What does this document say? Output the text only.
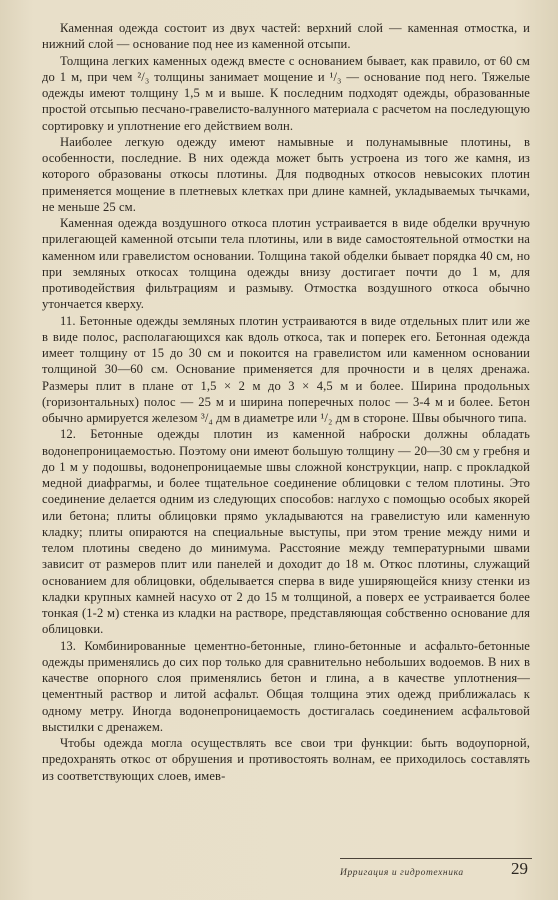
Каменная одежда состоит из двух частей: верхний слой — каменная отмостка, и нижний слой — основание под нее из каменной отсыпи.

Толщина легких каменных одежд вместе с основанием бывает, как правило, от 60 см до 1 м, при чем ²/₃ толщины занимает мощение и ¹/₃ — основание под него. Тяжелые одежды имеют толщину 1,5 м и выше. К последним подходят одежды, образованные простой отсыпью песчано-гравелисто-валунного материала с расчетом на последующую сортировку и уплотнение его действием волн.

Наиболее легкую одежду имеют намывные и полунамывные плотины, в особенности, последние. В них одежда может быть устроена из того же камня, из которого образованы откосы плотины. Для подводных откосов невысоких плотин применяется мощение в плетневых клетках при длине камней, укладываемых тычками, не меньше 25 см.

Каменная одежда воздушного откоса плотин устраивается в виде обделки вручную прилегающей каменной отсыпи тела плотины, или в виде самостоятельной отмостки на каменном или гравелистом основании. Толщина такой обделки бывает порядка 40 см, но при земляных откосах толщина одежды внизу достигает почти до 1 м, для противодействия фильтрациям и размыву. Отмостка воздушного откоса обычно утончается кверху.

11. Бетонные одежды земляных плотин устраиваются в виде отдельных плит или же в виде полос, располагающихся как вдоль откоса, так и поперек его. Бетонная одежда имеет толщину от 15 до 30 см и покоится на гравелистом или каменном основании толщиной 30—60 см. Основание применяется для прочности и в целях дренажа. Размеры плит в плане от 1,5 × 2 м до 3 × 4,5 м и более. Ширина продольных (горизонтальных) полос — 25 м и ширина поперечных полос — 3-4 м и более. Бетон обычно армируется железом ³/₄ дм в диаметре или ¹/₂ дм в стороне. Швы обычного типа.

12. Бетонные одежды плотин из каменной наброски должны обладать водонепроницаемостью. Поэтому они имеют большую толщину — 20—30 см у гребня и до 1 м у подошвы, водонепроницаемые швы сложной конструкции, напр. с прокладкой медной диафрагмы, и более тщательное соединение облицовки с телом плотины. Это соединение делается одним из следующих способов: наглухо с помощью особых якорей или бетона; плиты облицовки прямо укладываются на гравелистую или каменную кладку; плиты опираются на специальные выступы, при этом трение между ними и телом плотины сведено до минимума. Расстояние между температурными швами зависит от размеров плит или панелей и доходит до 18 м. Откос плотины, служащий основанием для облицовки, обделывается сперва в виде уширяющейся книзу стенки из кладки крупных камней насухо от 2 до 15 м толщиной, а поверх ее устраивается более тонкая (1-2 м) стенка из кладки на растворе, представляющая собственно основание для облицовки.

13. Комбинированные цементно-бетонные, глино-бетонные и асфальто-бетонные одежды применялись до сих пор только для сравнительно небольших водоемов. В них в качестве опорного слоя применялись бетон и глина, а в качестве уплотнения—цементный раствор и литой асфальт. Общая толщина этих одежд приближалась к одному метру. Иногда водонепроницаемость достигалась соединением асфальтовой выстилки с дренажем.

Чтобы одежда могла осуществлять все свои три функции: быть водоупорной, предохранять откос от обрушения и противостоять волнам, ее приходилось составлять из соответствующих слоев, имев-

Ирригация и гидротехника	29
